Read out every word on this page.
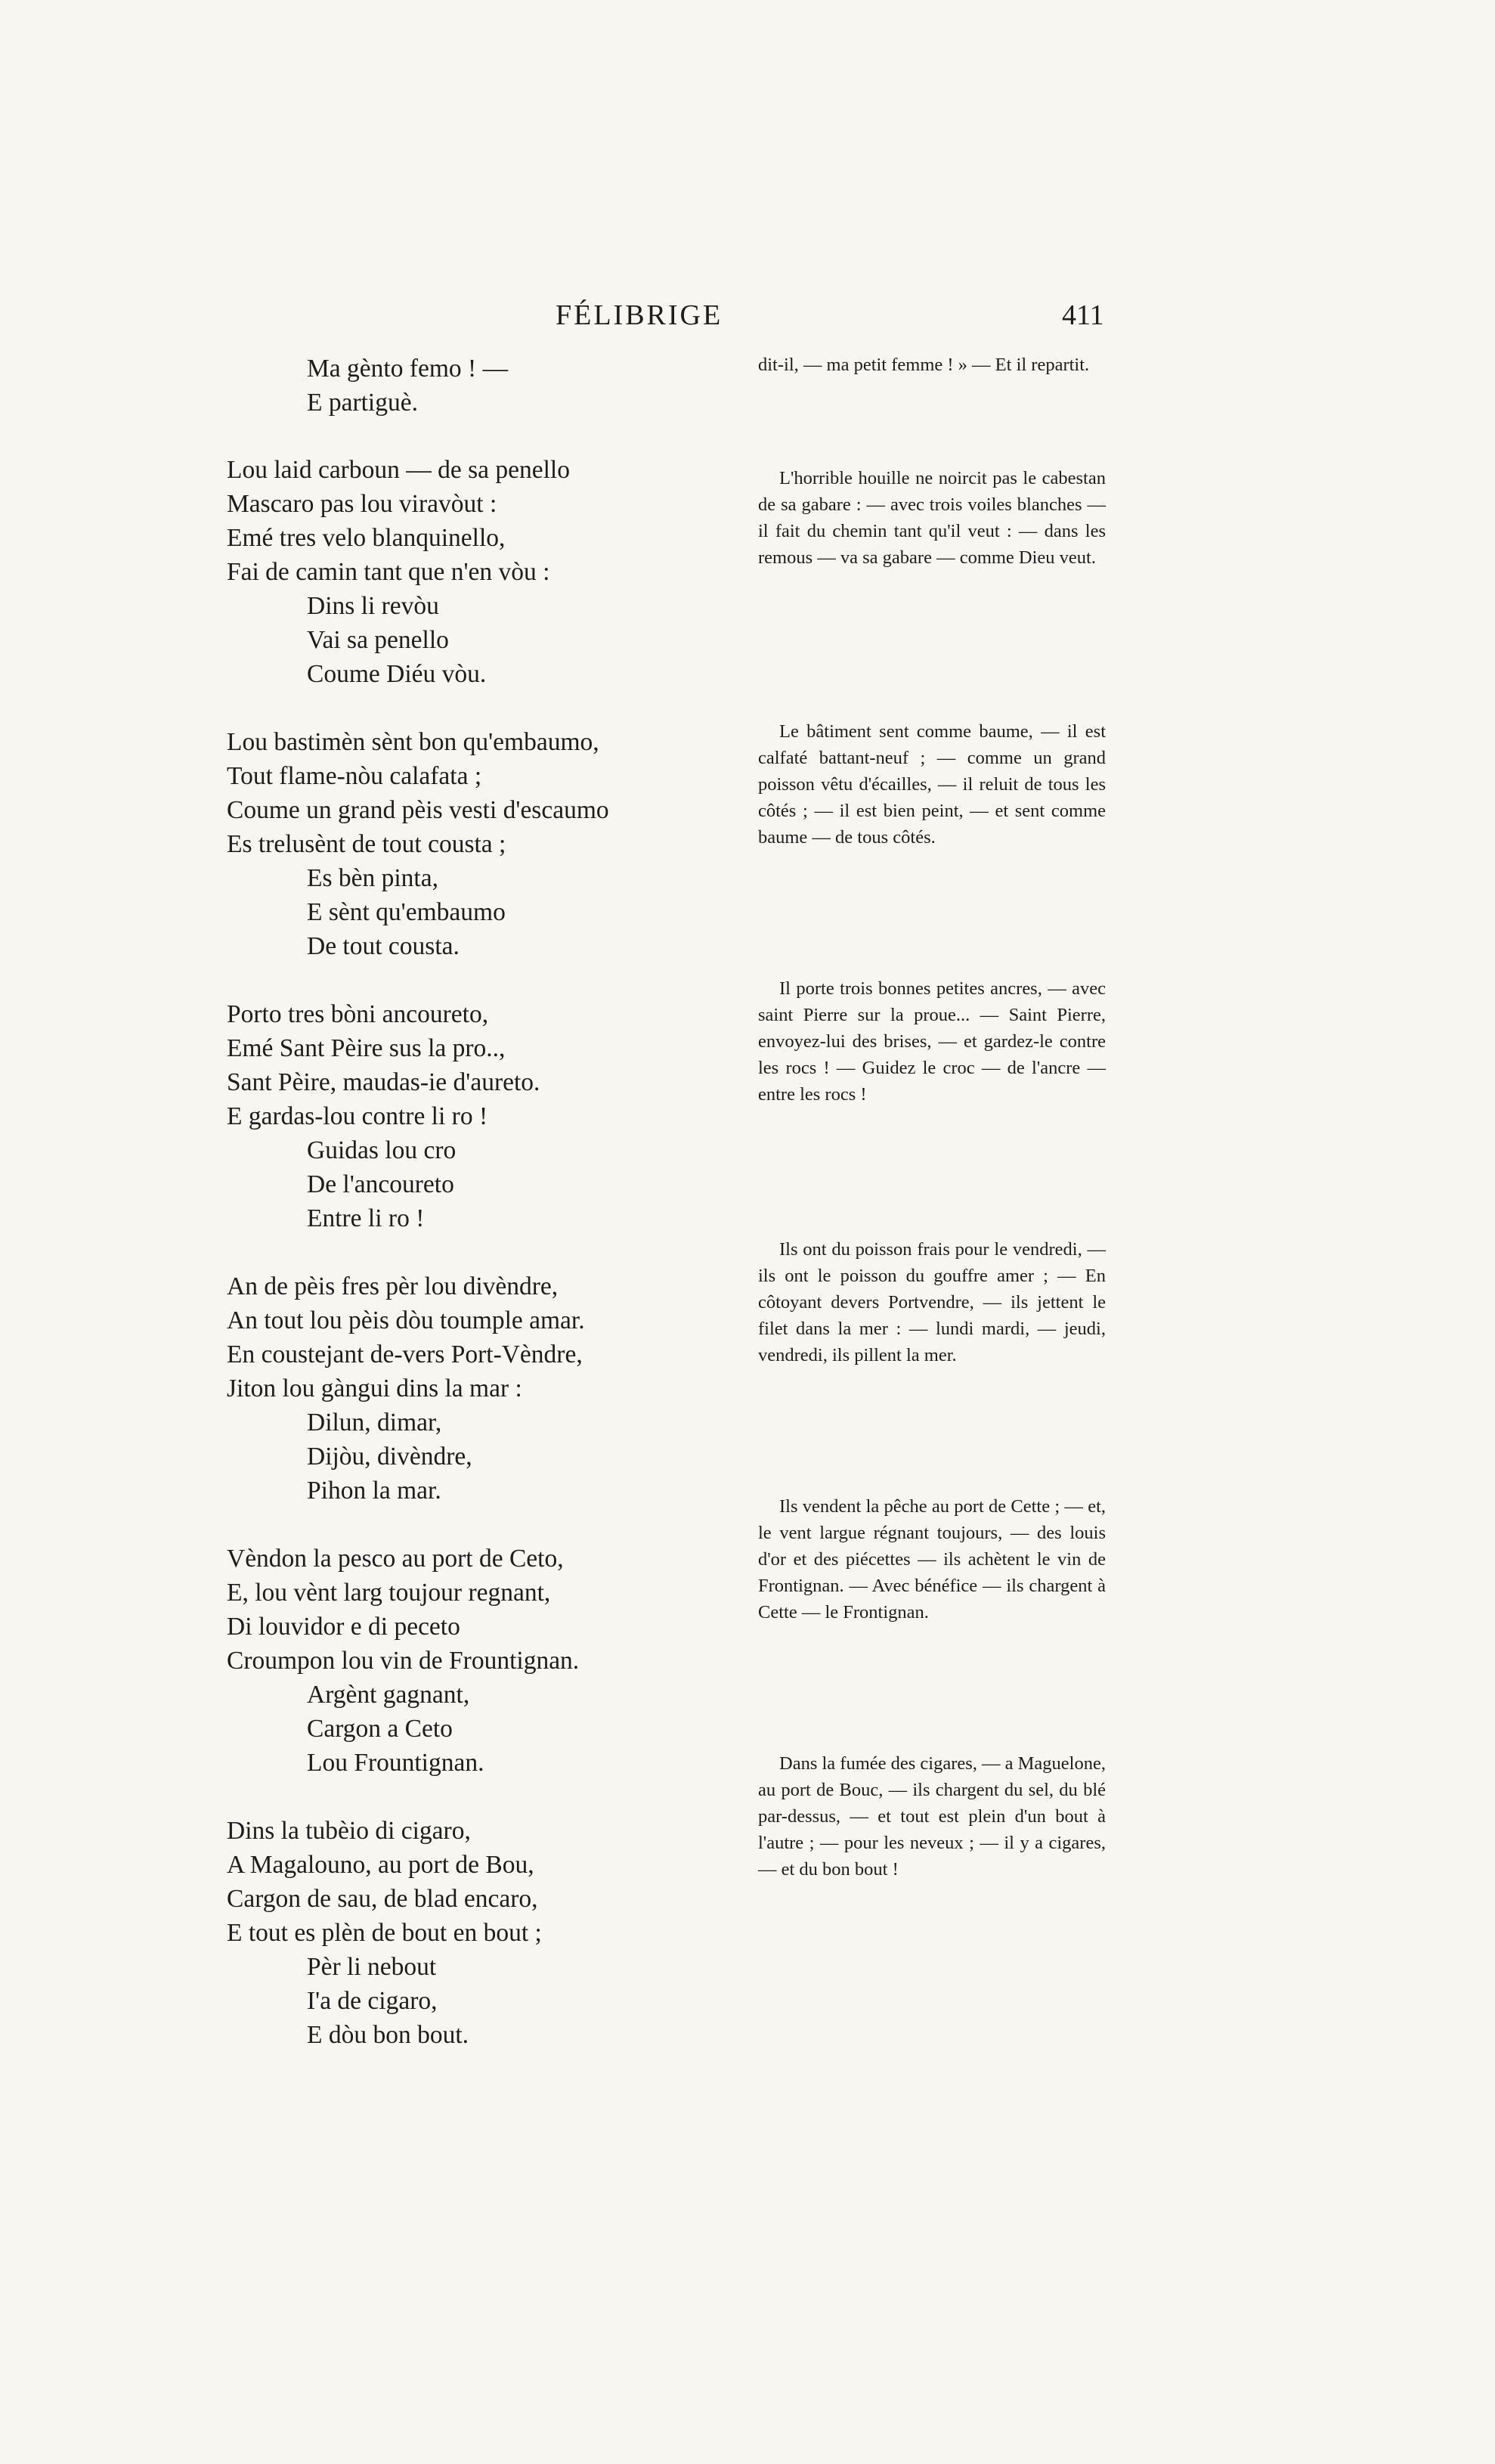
FÉLIBRIGE	411
Ma gènto femo ! —
E partiguè.
Lou laid carboun — de sa penello
Mascaro pas lou viravòut :
Emé tres velo blanquinello,
Fai de camin tant que n'en vòu :
Dins li revòu
Vai sa penello
Coume Diéu vòu.
Lou bastimèn sènt bon qu'embaumo,
Tout flame-nòu calafata ;
Coume un grand pèis vesti d'escaumo
Es trelusènt de tout cousta ;
Es bèn pinta,
E sènt qu'embaumo
De tout cousta.
Porto tres bòni ancoureto,
Emé Sant Pèire sus la pro..,
Sant Pèire, maudas-ie d'aureto.
E gardas-lou contre li ro !
Guidas lou cro
De l'ancoureto
Entre li ro !
An de pèis fres pèr lou divèndre,
An tout lou pèis dòu toumple amar.
En coustejant de-vers Port-Vèndre,
Jiton lou gàngui dins la mar :
Dilun, dimar,
Dijòu, divèndre,
Pihon la mar.
Vèndon la pesco au port de Ceto,
E, lou vènt larg toujour regnant,
Di louvidor e di peceto
Croumpon lou vin de Frountignan.
Argènt gagnant,
Cargon a Ceto
Lou Frountignan.
Dins la tubèio di cigaro,
A Magalouno, au port de Bou,
Cargon de sau, de blad encaro,
E tout es plèn de bout en bout ;
Pèr li nebout
I'a de cigaro,
E dòu bon bout.

dit-il, — ma petit femme ! » — Et il repartit.

L'horrible houille ne noircit pas le cabestan de sa gabare : — avec trois voiles blanches — il fait du chemin tant qu'il veut : — dans les remous — va sa gabare — comme Dieu veut.

Le bâtiment sent comme baume, — il est calfaté battant-neuf ; — comme un grand poisson vêtu d'écailles, — il reluit de tous les côtés ; — il est bien peint, — et sent comme baume — de tous côtés.

Il porte trois bonnes petites ancres, — avec saint Pierre sur la proue... — Saint Pierre, envoyez-lui des brises, — et gardez-le contre les rocs ! — Guidez le croc — de l'ancre — entre les rocs !

Ils ont du poisson frais pour le vendredi, — ils ont le poisson du gouffre amer ; — En côtoyant devers Portvendre, — ils jettent le filet dans la mer : — lundi mardi, — jeudi, vendredi, ils pillent la mer.

Ils vendent la pêche au port de Cette ; — et, le vent largue régnant toujours, — des louis d'or et des piécettes — ils achètent le vin de Frontignan. — Avec bénéfice — ils chargent à Cette — le Frontignan.

Dans la fumée des cigares, — a Maguelone, au port de Bouc, — ils chargent du sel, du blé par-dessus, — et tout est plein d'un bout à l'autre ; — pour les neveux ; — il y a cigares, — et du bon bout !
